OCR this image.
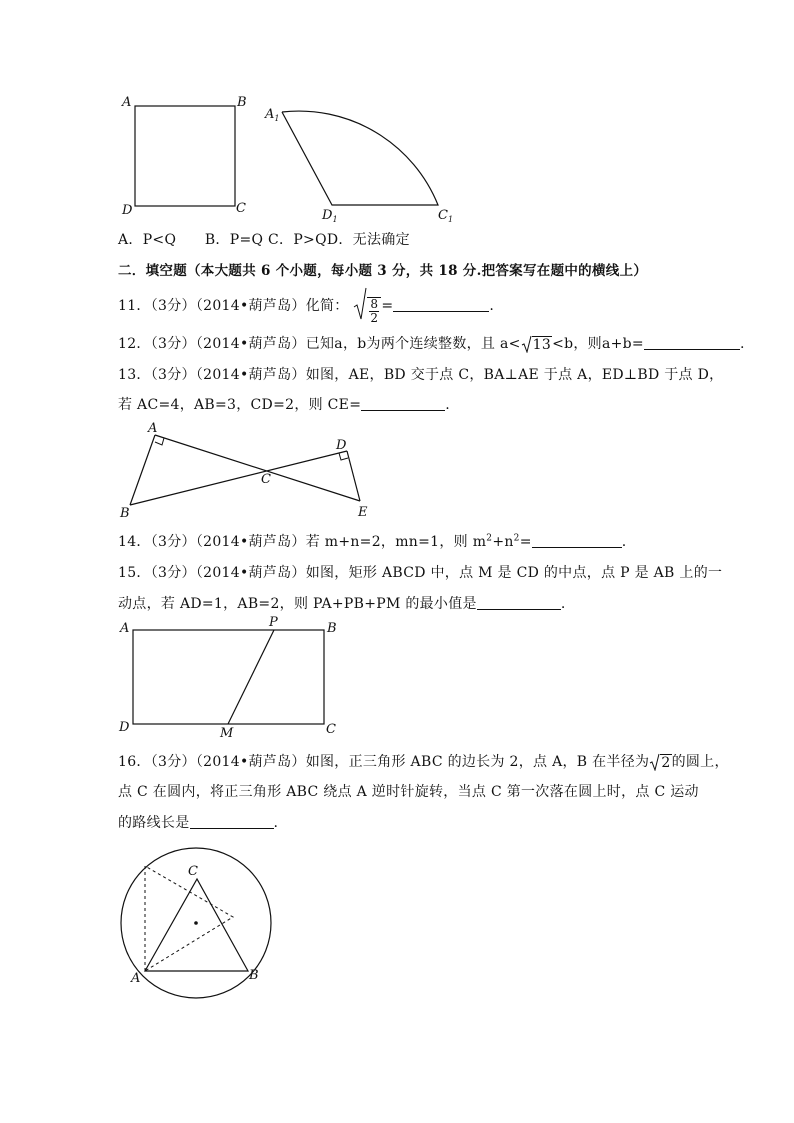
A	B
C
D
$A_1$
$D_1$	$C_1$
A．P<Q　　B．P=Q C．P>QD．无法确定
二．填空题（本大题共 6 个小题，每小题 3 分，共 18 分.把答案写在题中的横线上）
11．（3分）（2014•葫芦岛）化简： $\frac{8}{2}$ =	.
12．（3分）（2014•葫芦岛）已知a，b为两个连续整数，且 a< 13<b，则a+b=	.
13．（3分）（2014•葫芦岛）如图，AE，BD 交于点 C，BA⊥AE 于点 A，ED⊥BD 于点 D，
若 AC=4，AB=3，CD=2，则 CE=	.
A
B
C
D
E
14．（3分）（2014•葫芦岛）若 m+n=2，mn=1，则 $m^2+n^2=$	.
15．（3分）（2014•葫芦岛）如图，矩形 ABCD 中，点 M 是 CD 的中点，点 P 是 AB 上的一
动点，若 AD=1，AB=2，则 PA+PB+PM 的最小值是	.
A	B
C
D
P
M
16．（3分）（2014•葫芦岛）如图，正三角形 ABC 的边长为 2，点 A，B 在半径为 2的圆上，
点 C 在圆内，将正三角形 ABC 绕点 A 逆时针旋转，当点 C 第一次落在圆上时，点 C 运动
的路线长是	.
A	B
C
